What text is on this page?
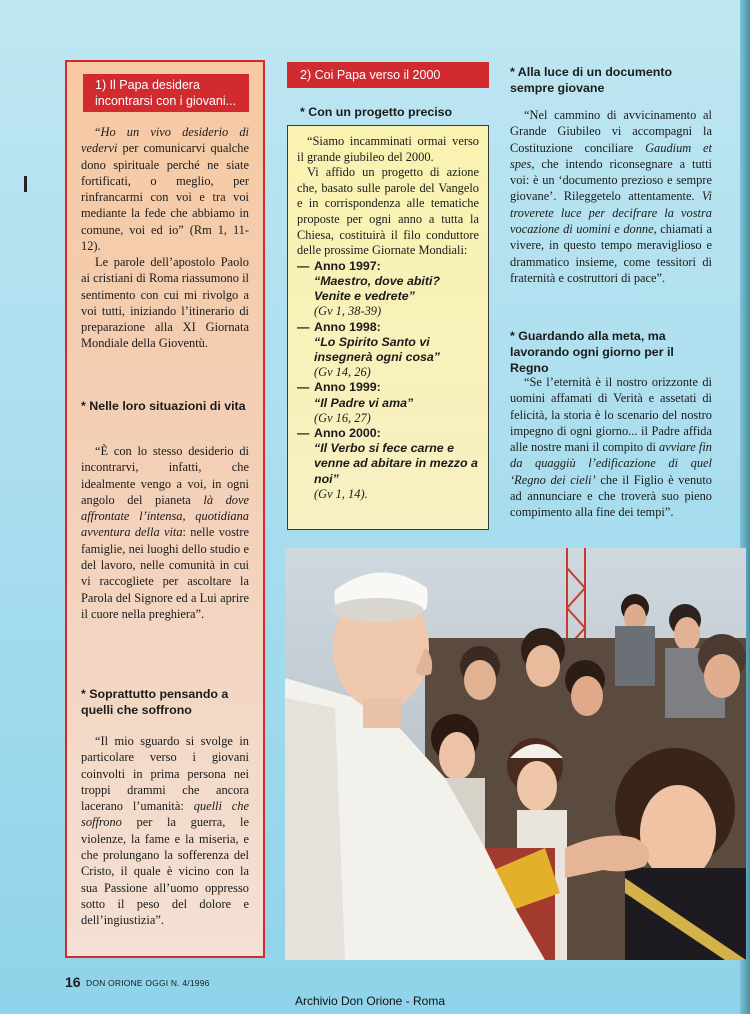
1) Il Papa desidera incontrarsi con i giovani...

“Ho un vivo desiderio di vedervi per comunicarvi qualche dono spirituale perché ne siate fortificati, o meglio, per rinfrancarmi con voi e tra voi mediante la fede che abbiamo in comune, voi ed io” (Rm 1, 11-12).

Le parole dell’apostolo Paolo ai cristiani di Roma riassumono il sentimento con cui mi rivolgo a voi tutti, iniziando l’itinerario di preparazione alla XI Giornata Mondiale della Gioventù.

* Nelle loro situazioni di vita

“È con lo stesso desiderio di incontrarvi, infatti, che idealmente vengo a voi, in ogni angolo del pianeta là dove affrontate l’intensa, quotidiana avventura della vita: nelle vostre famiglie, nei luoghi dello studio e del lavoro, nelle comunità in cui vi raccogliete per ascoltare la Parola del Signore ed a Lui aprire il cuore nella preghiera”.

* Soprattutto pensando a quelli che soffrono

“Il mio sguardo si svolge in particolare verso i giovani coinvolti in prima persona nei troppi drammi che ancora lacerano l’umanità: quelli che soffrono per la guerra, le violenze, la fame e la miseria, e che prolungano la sofferenza del Cristo, il quale è vicino con la sua Passione all’uomo oppresso sotto il peso del dolore e dell’ingiustizia”.

2) Coi Papa verso il 2000

* Con un progetto preciso

“Siamo incamminati ormai verso il grande giubileo del 2000.

Vi affido un progetto di azione che, basato sulle parole del Vangelo e in corrispondenza alle tematiche proposte per ogni anno a tutta la Chiesa, costituirà il filo conduttore delle prossime Giornate Mondiali:

— Anno 1997:
“Maestro, dove abiti? Venite e vedrete”
(Gv 1, 38-39)
— Anno 1998:
“Lo Spirito Santo vi insegnerà ogni cosa”
(Gv 14, 26)
— Anno 1999:
“Il Padre vi ama”
(Gv 16, 27)
— Anno 2000:
“Il Verbo si fece carne e venne ad abitare in mezzo a noi”
(Gv 1, 14).

* Alla luce di un documento sempre giovane

“Nel cammino di avvicinamento al Grande Giubileo vi accompagni la Costituzione conciliare Gaudium et spes, che intendo riconsegnare a tutti voi: è un ‘documento prezioso e sempre giovane’. Rileggetelo attentamente. Vi troverete luce per decifrare la vostra vocazione di uomini e donne, chiamati a vivere, in questo tempo meraviglioso e drammatico insieme, come tessitori di fraternità e costruttori di pace”.

* Guardando alla meta, ma lavorando ogni giorno per il Regno

“Se l’eternità è il nostro orizzonte di uomini affamati di Verità e assetati di felicità, la storia è lo scenario del nostro impegno di ogni giorno... il Padre affida alle nostre mani il compito di avviare fin da quaggiù l’edificazione di quel ‘Regno dei cieli’ che il Figlio è venuto ad annunciare e che troverà suo pieno compimento alla fine dei tempi”.

16 DON ORIONE OGGI N. 4/1996
Archivio Don Orione - Roma
